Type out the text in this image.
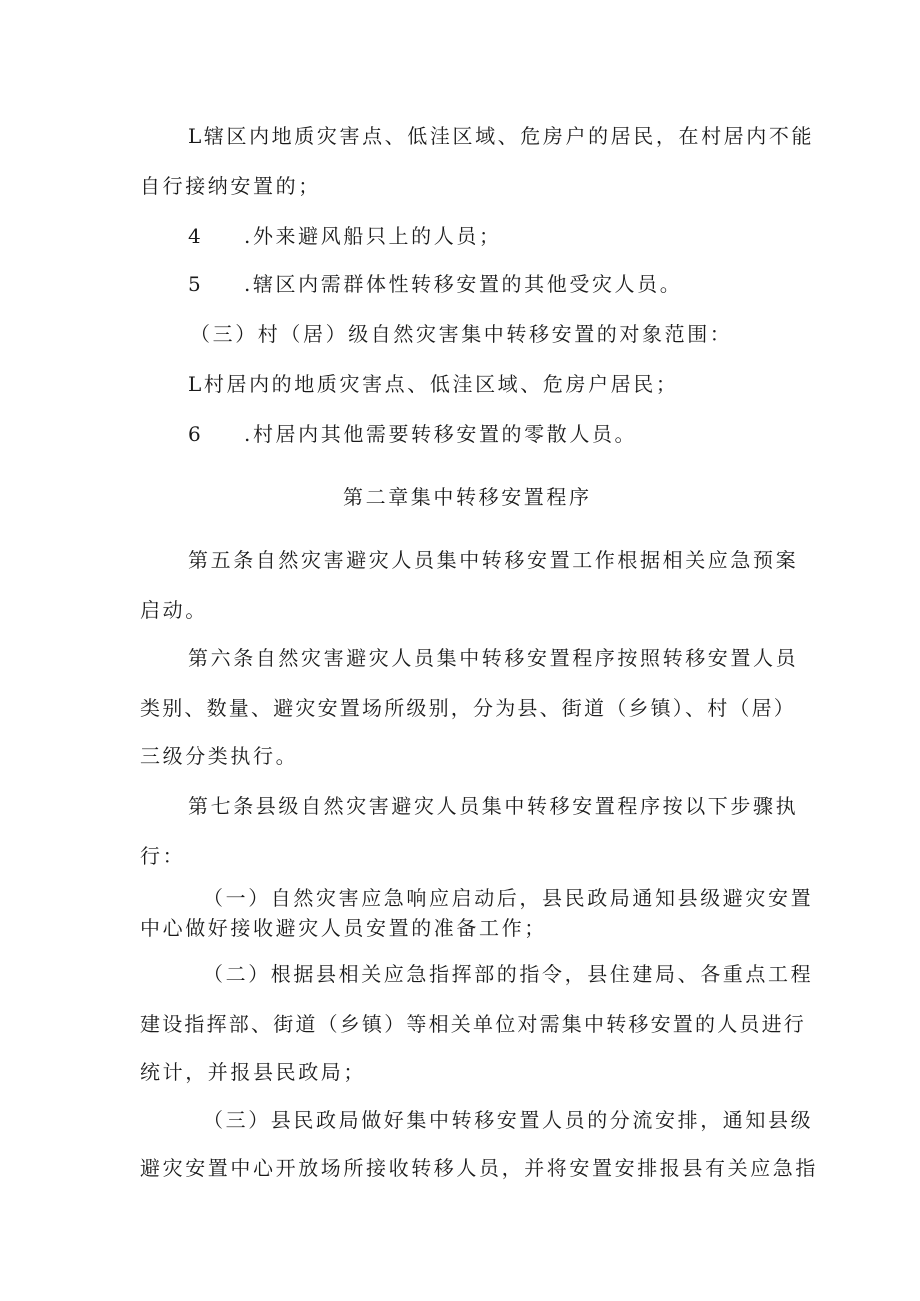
L辖区内地质灾害点、低洼区域、危房户的居民，在村居内不能
自行接纳安置的；
4 .外来避风船只上的人员；
5 .辖区内需群体性转移安置的其他受灾人员。
（三）村（居）级自然灾害集中转移安置的对象范围：
L村居内的地质灾害点、低洼区域、危房户居民；
6 .村居内其他需要转移安置的零散人员。
第二章集中转移安置程序
第五条自然灾害避灾人员集中转移安置工作根据相关应急预案
启动。
第六条自然灾害避灾人员集中转移安置程序按照转移安置人员
类别、数量、避灾安置场所级别，分为县、街道（乡镇）、村（居）
三级分类执行。
第七条县级自然灾害避灾人员集中转移安置程序按以下步骤执
行：
（一）自然灾害应急响应启动后，县民政局通知县级避灾安置
中心做好接收避灾人员安置的准备工作；
（二）根据县相关应急指挥部的指令，县住建局、各重点工程
建设指挥部、街道（乡镇）等相关单位对需集中转移安置的人员进行
统计，并报县民政局；
（三）县民政局做好集中转移安置人员的分流安排，通知县级
避灾安置中心开放场所接收转移人员，并将安置安排报县有关应急指
